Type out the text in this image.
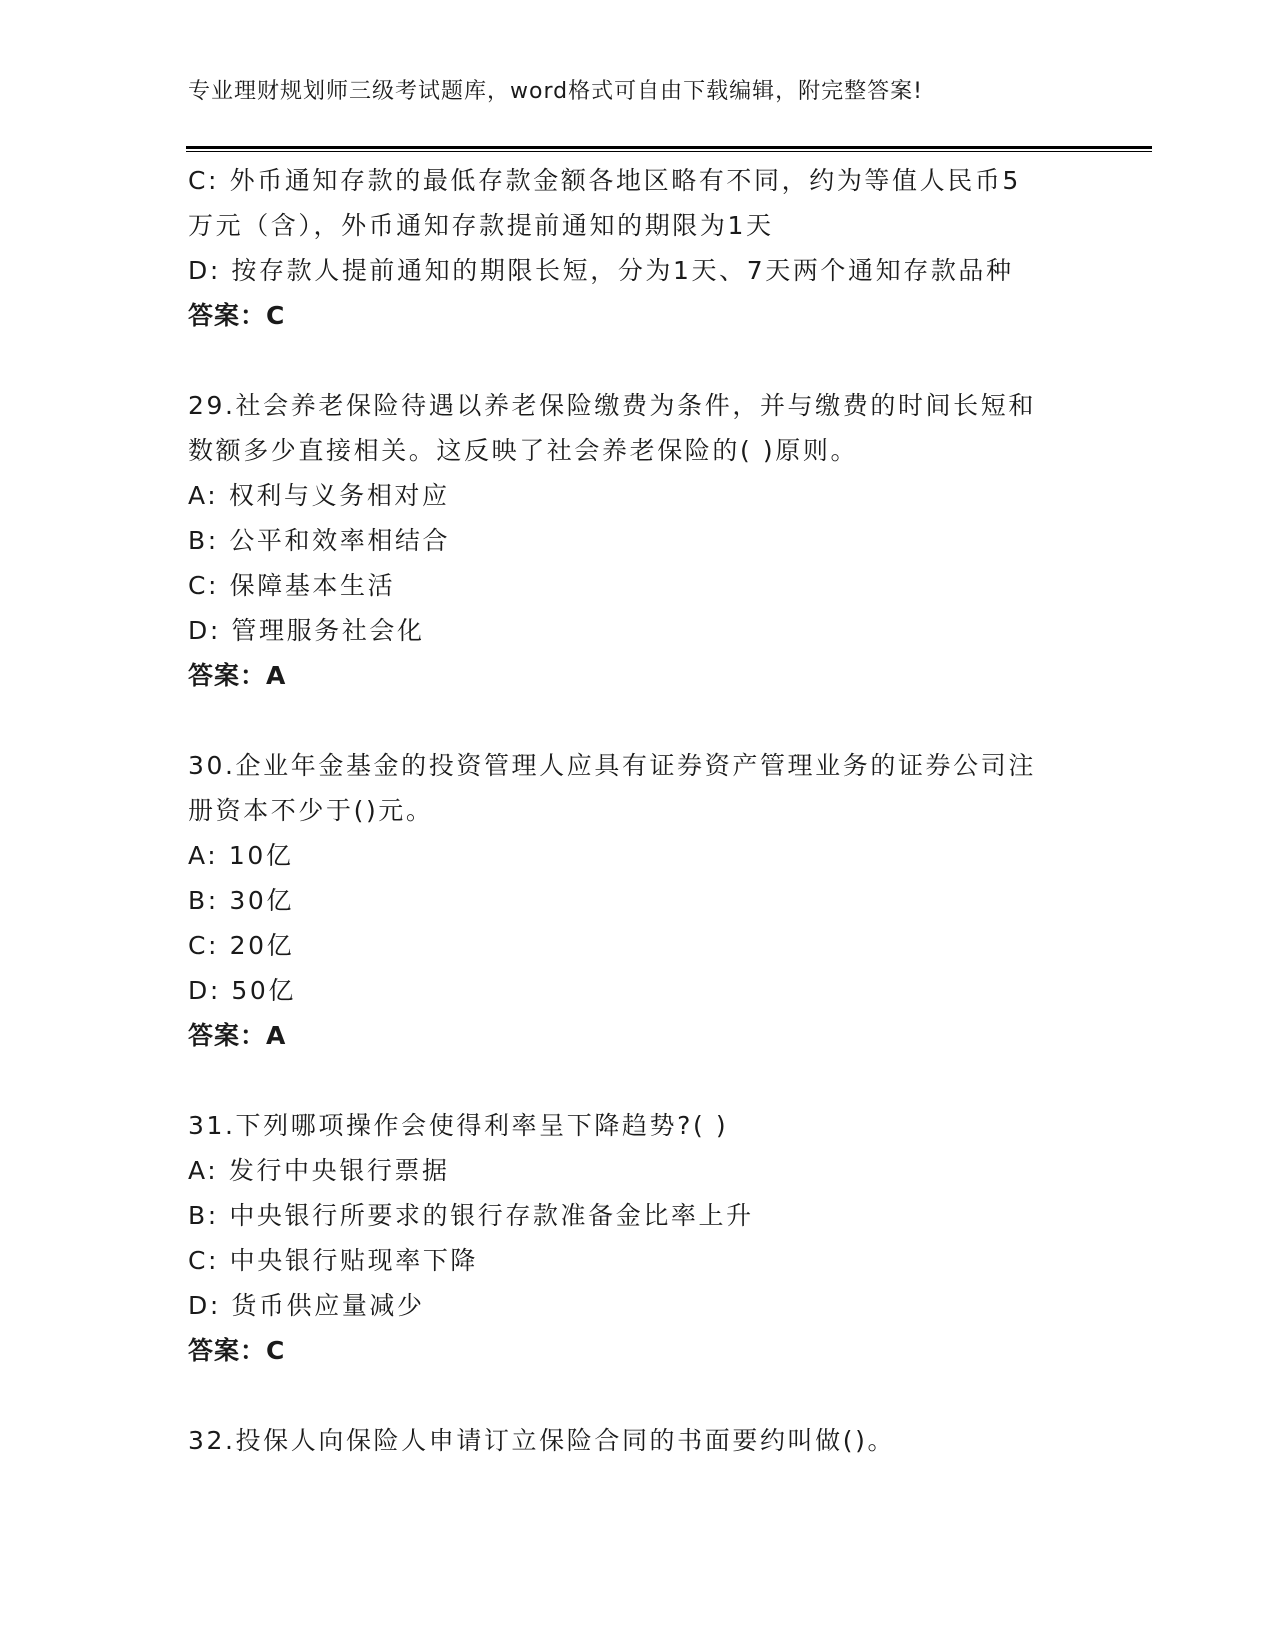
专业理财规划师三级考试题库，word格式可自由下载编辑，附完整答案!
C: 外币通知存款的最低存款金额各地区略有不同，约为等值人民币5
万元（含），外币通知存款提前通知的期限为1天
D: 按存款人提前通知的期限长短，分为1天、7天两个通知存款品种
答案：C
29.社会养老保险待遇以养老保险缴费为条件，并与缴费的时间长短和
数额多少直接相关。这反映了社会养老保险的( )原则。
A: 权利与义务相对应
B: 公平和效率相结合
C: 保障基本生活
D: 管理服务社会化
答案：A
30.企业年金基金的投资管理人应具有证券资产管理业务的证券公司注
册资本不少于()元。
A: 10亿
B: 30亿
C: 20亿
D: 50亿
答案：A
31.下列哪项操作会使得利率呈下降趋势?( )
A: 发行中央银行票据
B: 中央银行所要求的银行存款准备金比率上升
C: 中央银行贴现率下降
D: 货币供应量减少
答案：C
32.投保人向保险人申请订立保险合同的书面要约叫做()。
